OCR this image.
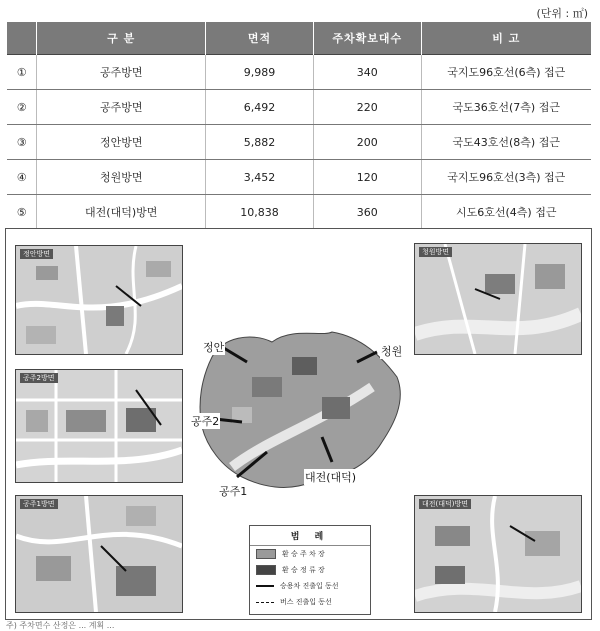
(단위 : ㎡)
	구 분	면적	주차확보대수	비 고
①	공주방면	9,989	340	국지도96호선(6측) 접근
②	공주방면	6,492	220	국도36호선(7측) 접근
③	정안방면	5,882	200	국도43호선(8측) 접근
④	청원방면	3,452	120	국지도96호선(3측) 접근
⑤	대전(대덕)방면	10,838	360	시도6호선(4측) 접근
정안방면
공주2방면
공주1방면
청원방면
대전(대덕)방면
정안	청원
공주2
공주1
대전(대덕)
범 례
환 승 주 차 장
환 승 정 류 장
승용차 진출입 동선
버스 진출입 동선
주) 주차면수 산정은 ... 계획 ...
